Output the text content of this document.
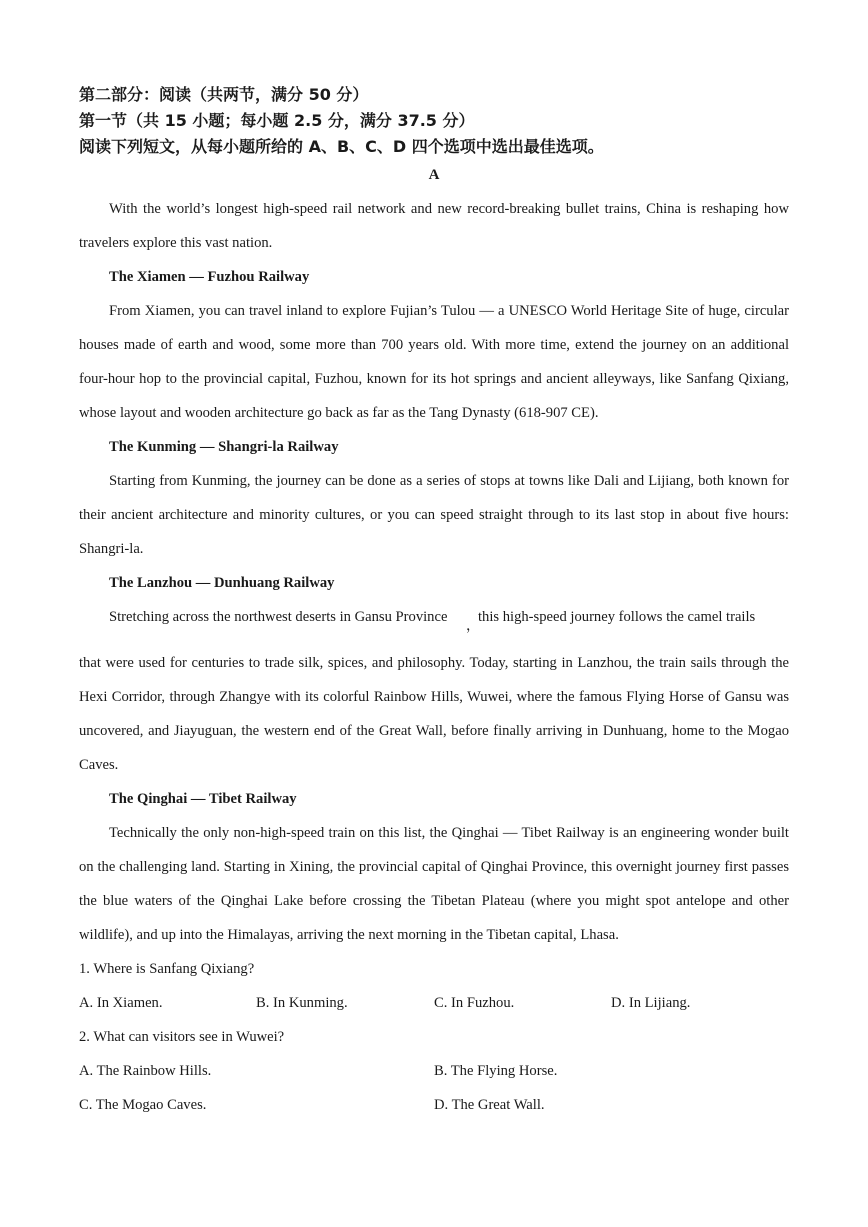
第二部分：阅读（共两节，满分 50 分）

第一节（共 15 小题；每小题 2.5 分，满分 37.5 分）

阅读下列短文，从每小题所给的 A、B、C、D 四个选项中选出最佳选项。

A

With the world’s longest high-speed rail network and new record-breaking bullet trains, China is reshaping how travelers explore this vast nation.

The Xiamen — Fuzhou Railway

From Xiamen, you can travel inland to explore Fujian’s Tulou — a UNESCO World Heritage Site of huge, circular houses made of earth and wood, some more than 700 years old. With more time, extend the journey on an additional four-hour hop to the provincial capital, Fuzhou, known for its hot springs and ancient alleyways, like Sanfang Qixiang, whose layout and wooden architecture go back as far as the Tang Dynasty (618-907 CE).

The Kunming — Shangri-la Railway

Starting from Kunming, the journey can be done as a series of stops at towns like Dali and Lijiang, both known for their ancient architecture and minority cultures, or you can speed straight through to its last stop in about five hours: Shangri-la.

The Lanzhou — Dunhuang Railway

Stretching across the northwest deserts in Gansu Province
，
this high-speed journey follows the camel trails

that were used for centuries to trade silk, spices, and philosophy. Today, starting in Lanzhou, the train sails through the Hexi Corridor, through Zhangye with its colorful Rainbow Hills, Wuwei, where the famous Flying Horse of Gansu was uncovered, and Jiayuguan, the western end of the Great Wall, before finally arriving in Dunhuang, home to the Mogao Caves.

The Qinghai — Tibet Railway

Technically the only non-high-speed train on this list, the Qinghai — Tibet Railway is an engineering wonder built on the challenging land. Starting in Xining, the provincial capital of Qinghai Province, this overnight journey first passes the blue waters of the Qinghai Lake before crossing the Tibetan Plateau (where you might spot antelope and other wildlife), and up into the Himalayas, arriving the next morning in the Tibetan capital, Lhasa.

1. Where is Sanfang Qixiang?

A. In Xiamen.	B. In Kunming.	C. In Fuzhou.	D. In Lijiang.

2. What can visitors see in Wuwei?

A. The Rainbow Hills.	B. The Flying Horse.
C. The Mogao Caves.	D. The Great Wall.
